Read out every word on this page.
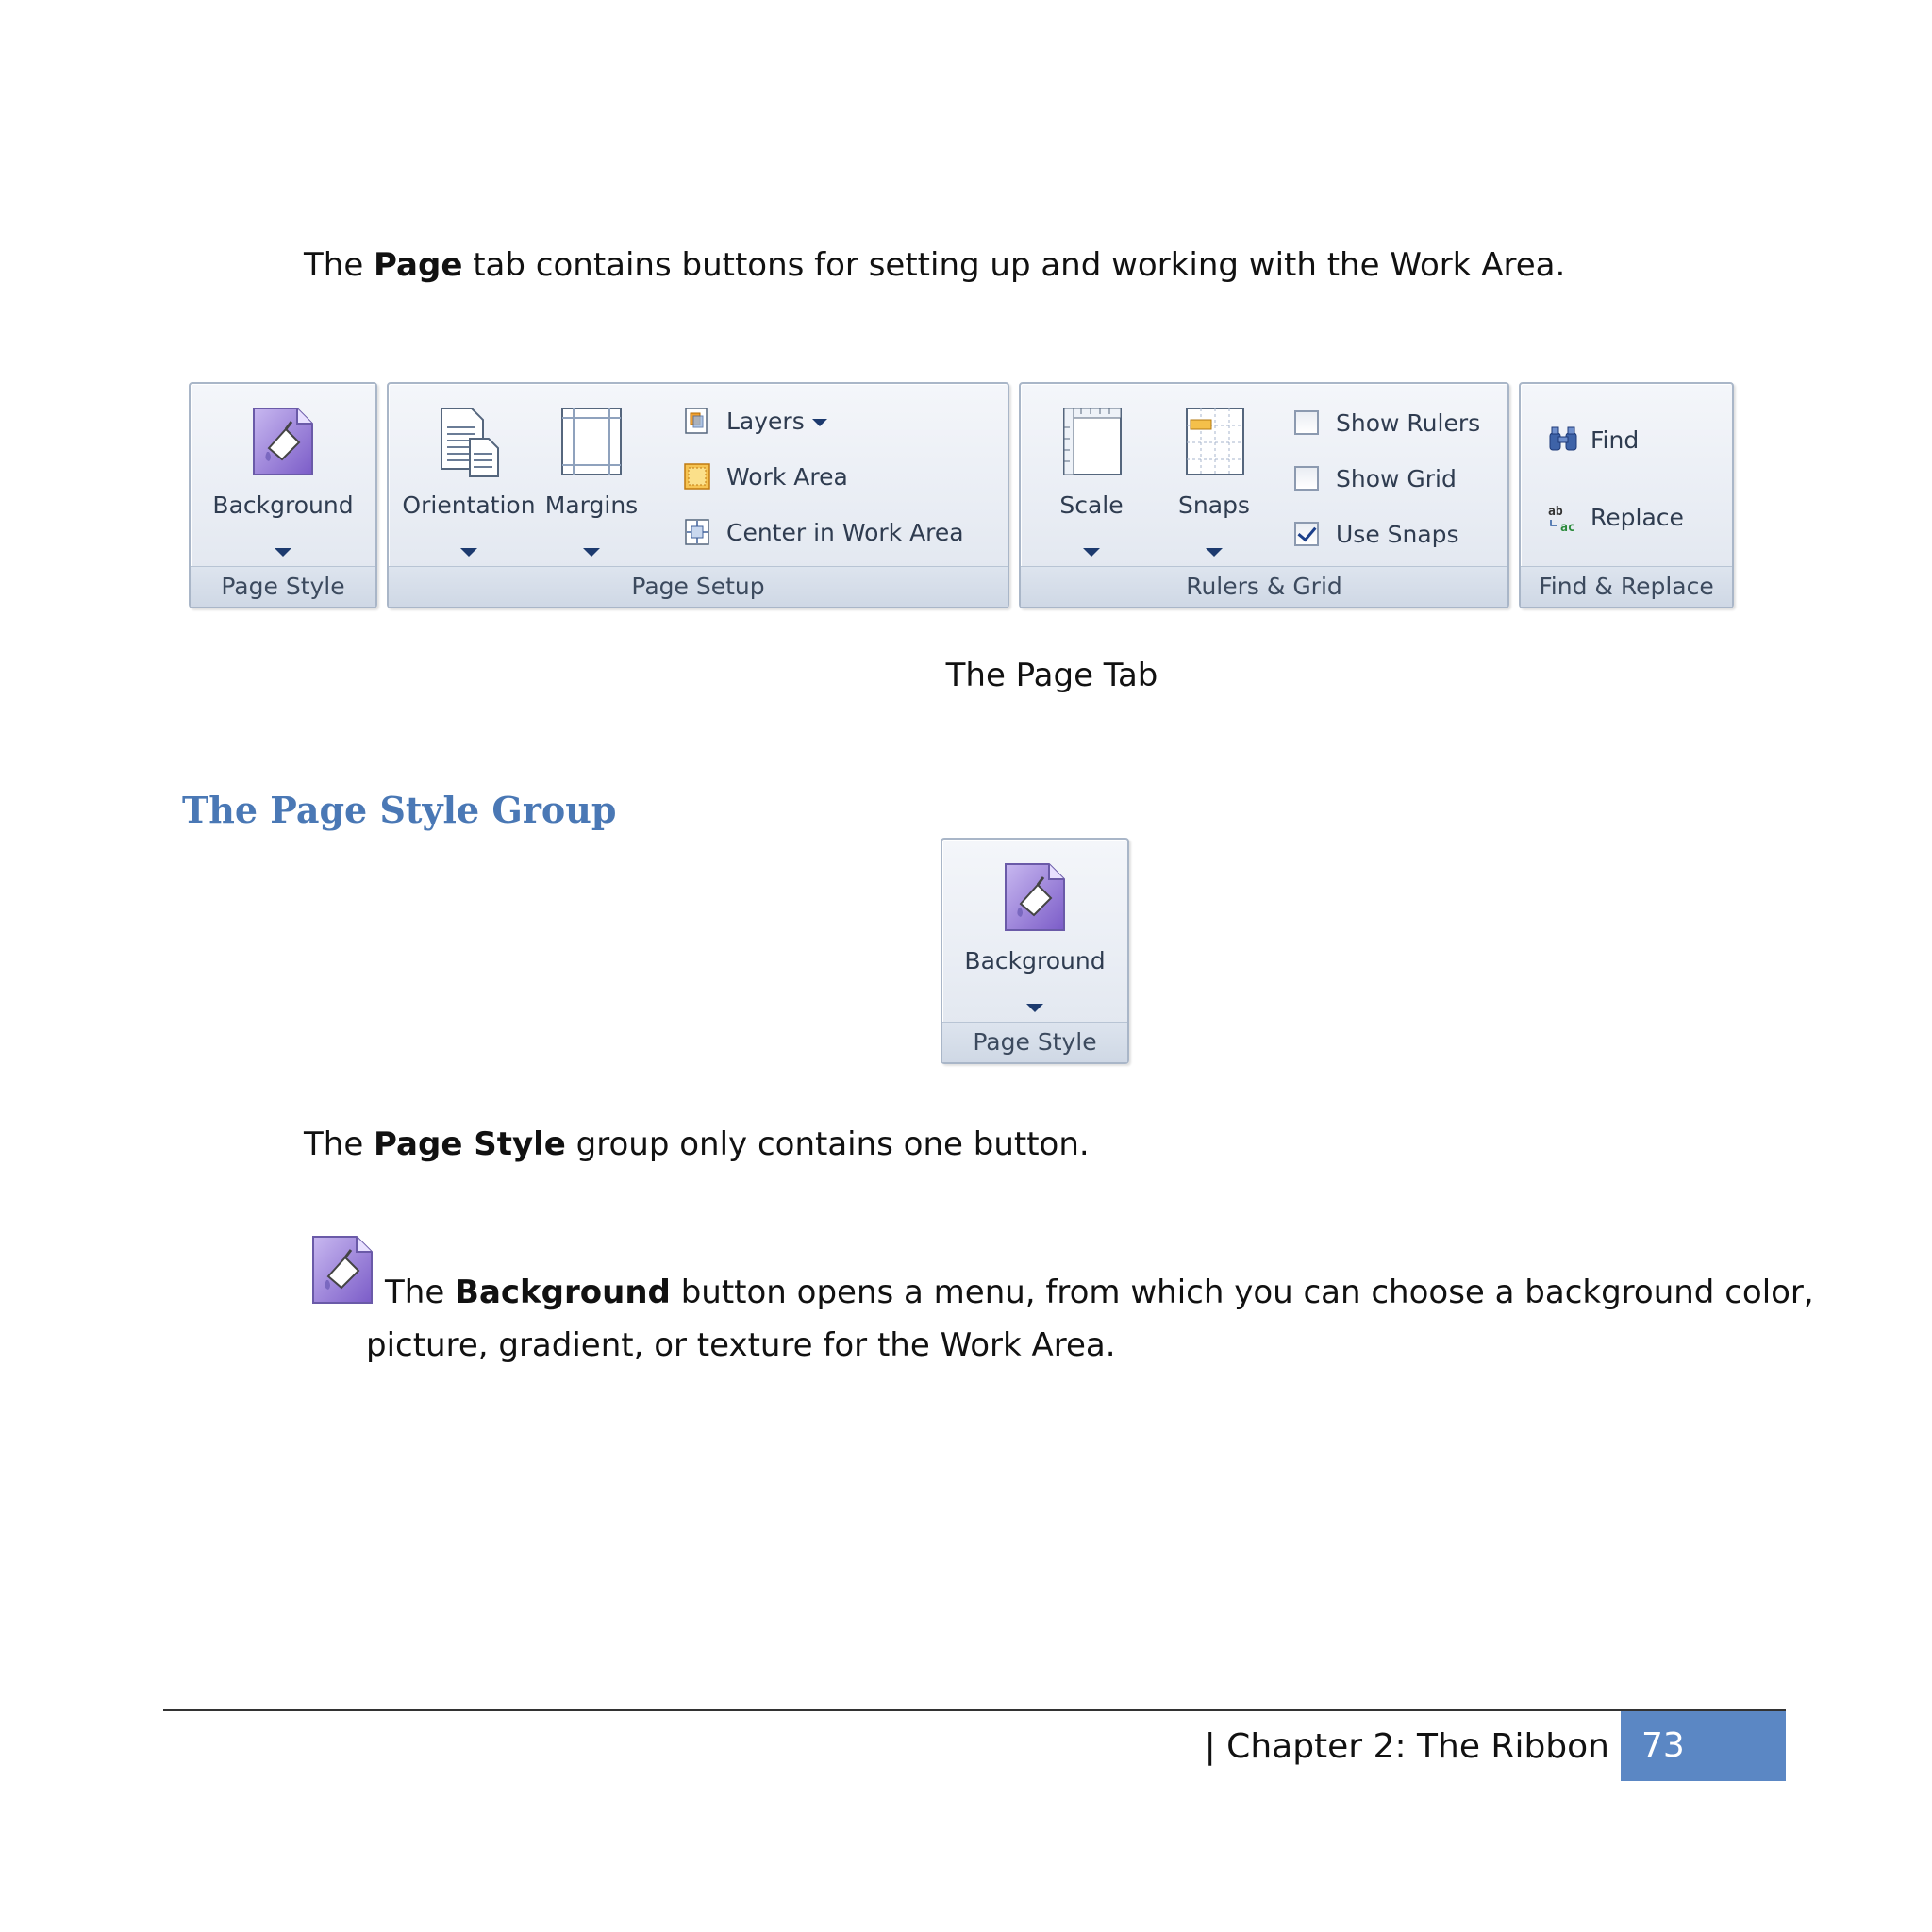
The Page tab contains buttons for setting up and working with the Work Area.
Background
Page Style
Orientation Margins
Layers
Work Area
Center in Work Area
Page Setup
Scale	Snaps
Show Rulers
Show Grid
Use Snaps
Rulers & Grid
Find
ab
ac Replace
Find & Replace
The Page Tab
The Page Style Group
Background
Page Style
The Page Style group only contains one button.
The Background button opens a menu, from which you can choose a background color,
picture, gradient, or texture for the Work Area.
| Chapter 2: The Ribbon 73
